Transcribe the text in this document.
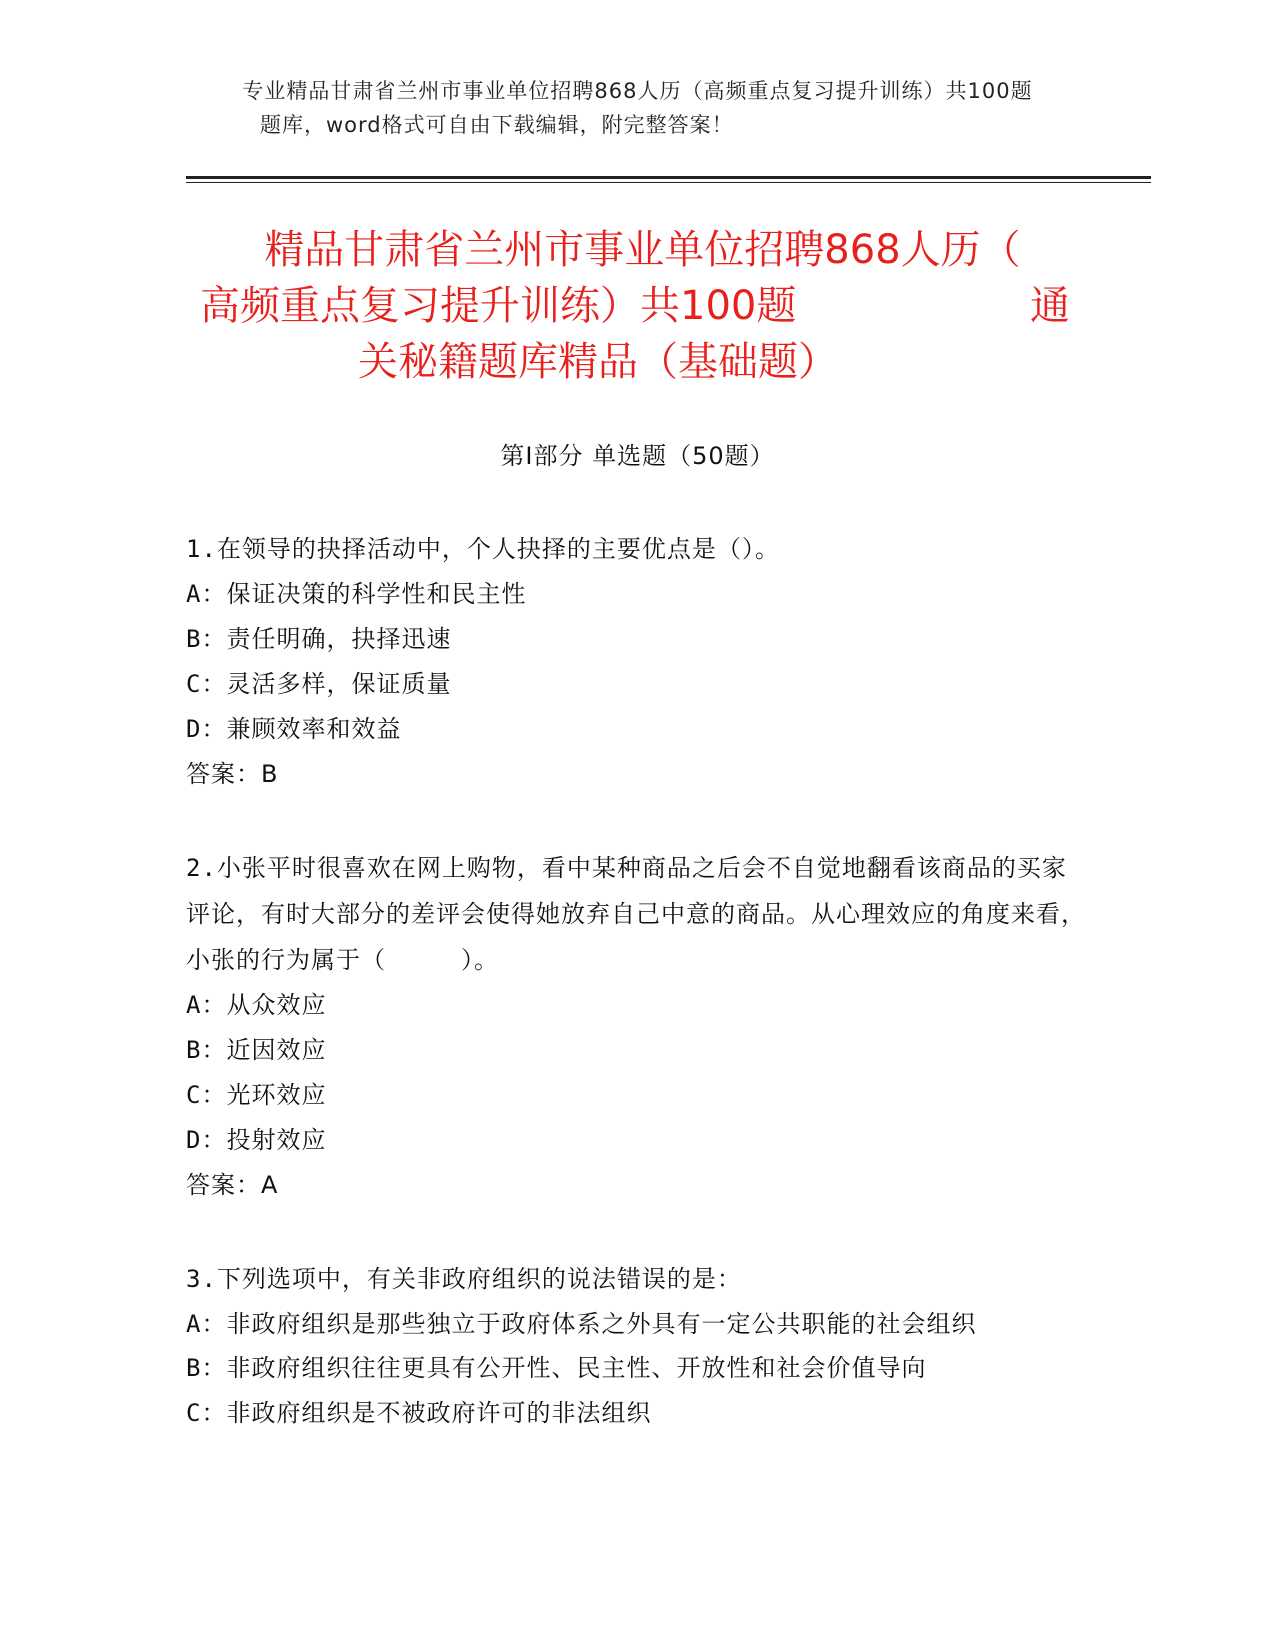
专业精品甘肃省兰州市事业单位招聘868人历（高频重点复习提升训练）共100题
题库，word格式可自由下载编辑，附完整答案！
精品甘肃省兰州市事业单位招聘868人历（
高频重点复习提升训练）共100题	通
关秘籍题库精品（基础题）
第Ⅰ部分 单选题（50题）
1.在领导的抉择活动中，个人抉择的主要优点是（）。
A：保证决策的科学性和民主性
B：责任明确，抉择迅速
C：灵活多样，保证质量
D：兼顾效率和效益
答案：B
2.小张平时很喜欢在网上购物，看中某种商品之后会不自觉地翻看该商品的买家评论，有时大部分的差评会使得她放弃自己中意的商品。从心理效应的角度来看，小张的行为属于（　　　）。
A：从众效应
B：近因效应
C：光环效应
D：投射效应
答案：A
3.下列选项中，有关非政府组织的说法错误的是：
A：非政府组织是那些独立于政府体系之外具有一定公共职能的社会组织
B：非政府组织往往更具有公开性、民主性、开放性和社会价值导向
C：非政府组织是不被政府许可的非法组织
